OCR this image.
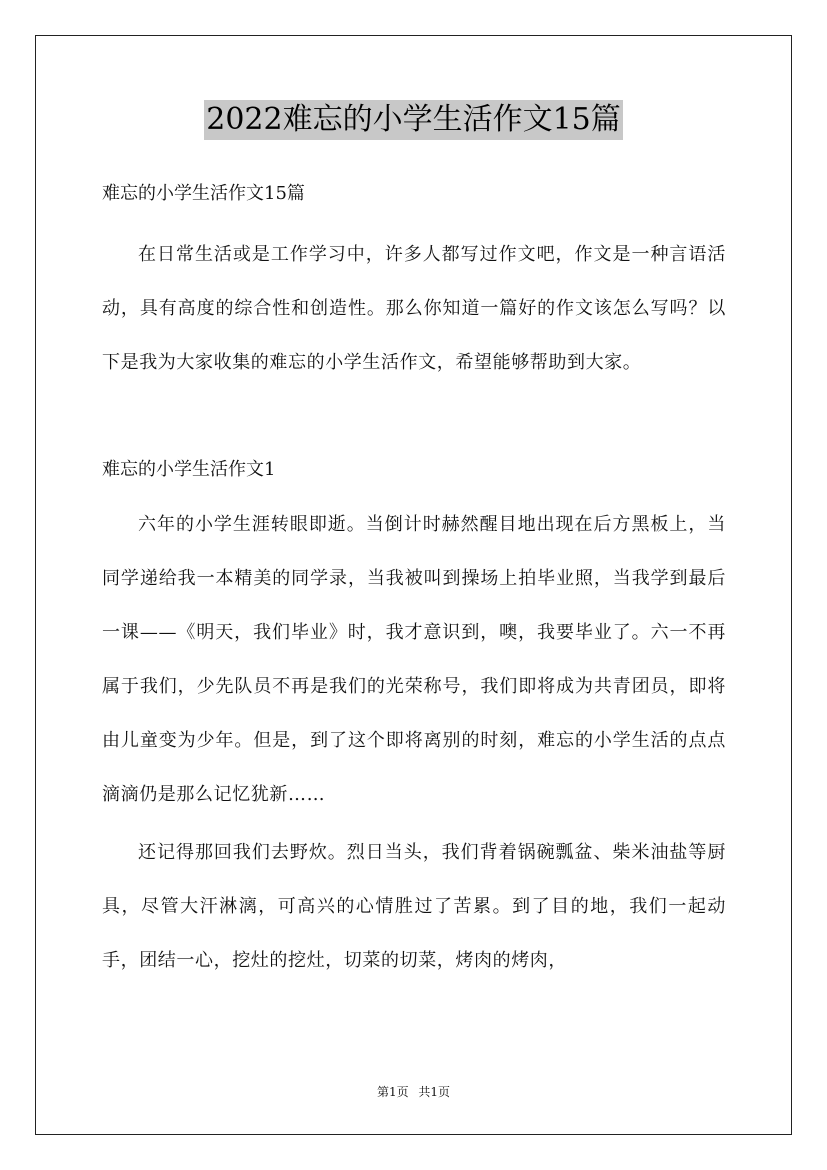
2022难忘的小学生活作文15篇

难忘的小学生活作文15篇

在日常生活或是工作学习中，许多人都写过作文吧，作文是一种言语活动，具有高度的综合性和创造性。那么你知道一篇好的作文该怎么写吗？以下是我为大家收集的难忘的小学生活作文，希望能够帮助到大家。

难忘的小学生活作文1

六年的小学生涯转眼即逝。当倒计时赫然醒目地出现在后方黑板上，当同学递给我一本精美的同学录，当我被叫到操场上拍毕业照，当我学到最后一课——《明天，我们毕业》时，我才意识到，噢，我要毕业了。六一不再属于我们，少先队员不再是我们的光荣称号，我们即将成为共青团员，即将由儿童变为少年。但是，到了这个即将离别的时刻，难忘的小学生活的点点滴滴仍是那么记忆犹新……

还记得那回我们去野炊。烈日当头，我们背着锅碗瓢盆、柴米油盐等厨具，尽管大汗淋漓，可高兴的心情胜过了苦累。到了目的地，我们一起动手，团结一心，挖灶的挖灶，切菜的切菜，烤肉的烤肉，

第1页 共1页
